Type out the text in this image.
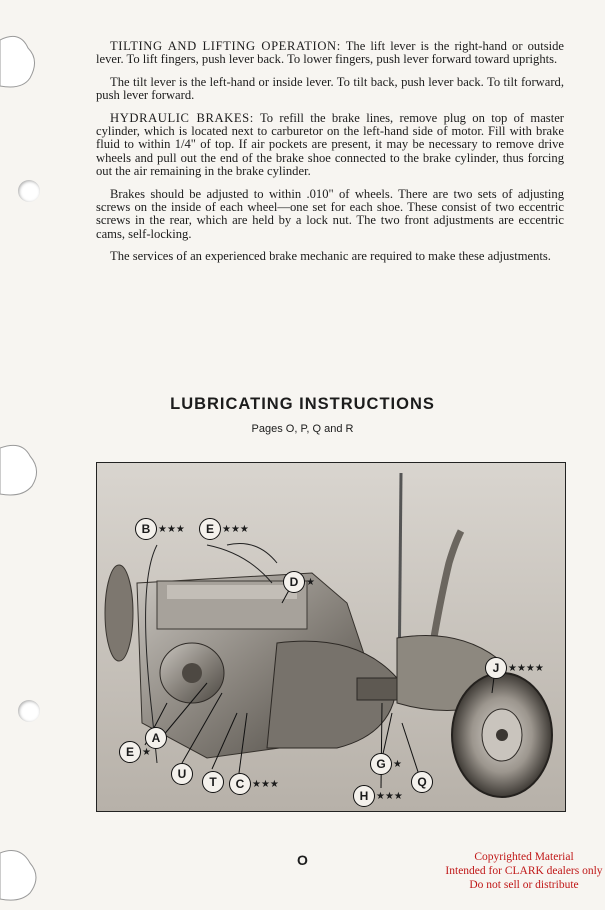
TILTING AND LIFTING OPERATION: The lift lever is the right-hand or outside lever. To lift fingers, push lever back. To lower fingers, push lever forward toward uprights.

The tilt lever is the left-hand or inside lever. To tilt back, push lever back. To tilt forward, push lever forward.

HYDRAULIC BRAKES: To refill the brake lines, remove plug on top of master cylinder, which is located next to carburetor on the left-hand side of motor. Fill with brake fluid to within 1/4" of top. If air pockets are present, it may be necessary to remove drive wheels and pull out the end of the brake shoe connected to the brake cylinder, thus forcing out the air remaining in the brake cylinder.

Brakes should be adjusted to within .010" of wheels. There are two sets of adjusting screws on the inside of each wheel—one set for each shoe. These consist of two eccentric screws in the rear, which are held by a lock nut. The two front adjustments are eccentric cams, self-locking.

The services of an experienced brake mechanic are required to make these adjustments.

LUBRICATING INSTRUCTIONS
Pages O, P, Q and R
B ★★★	E ★★★
D ★
J ★★★★
A
E ★
U
T	C ★★★
G ★
Q
H ★★★
O	Copyrighted Material
Intended for CLARK dealers only
Do not sell or distribute
